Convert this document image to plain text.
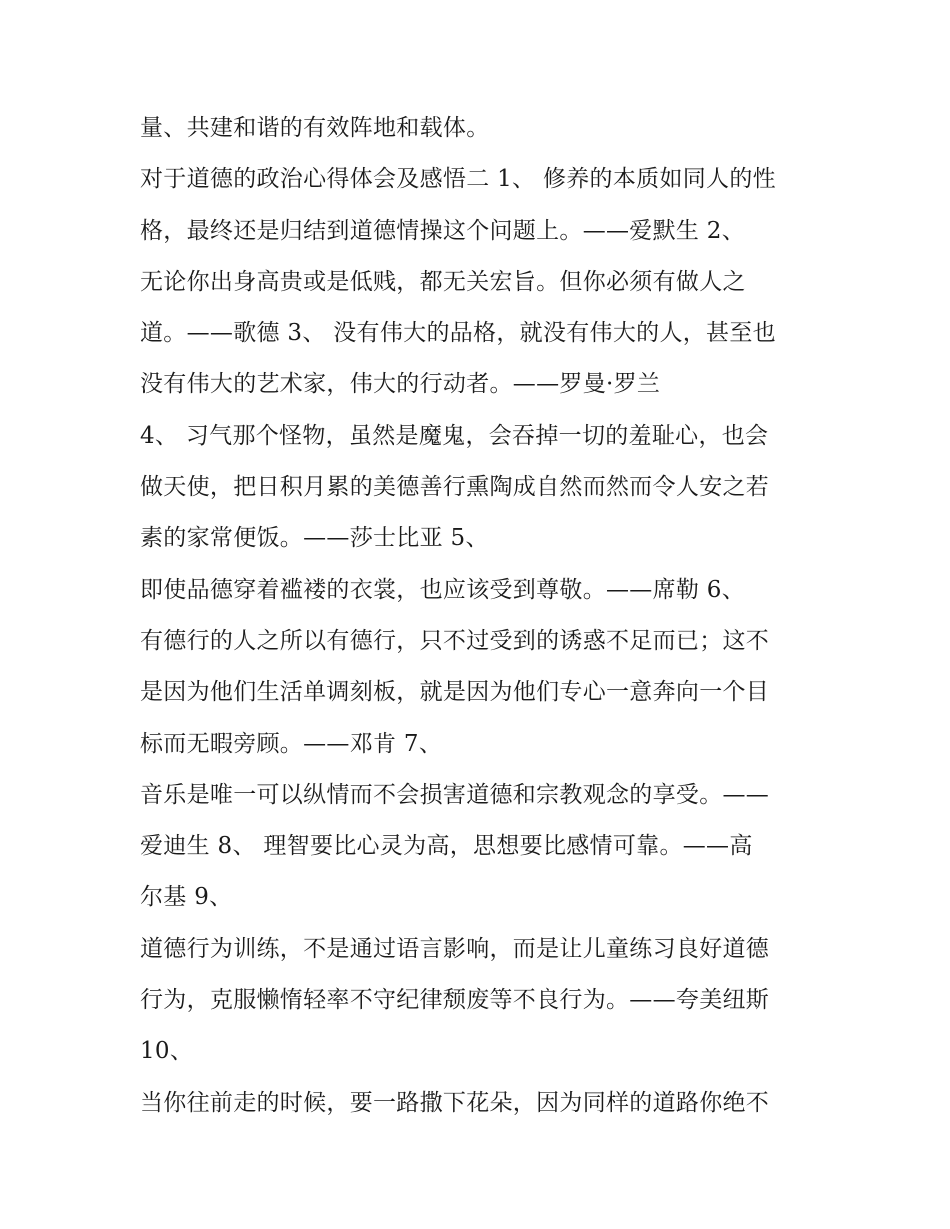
量、共建和谐的有效阵地和载体。
对于道德的政治心得体会及感悟二 1、 修养的本质如同人的性
格，最终还是归结到道德情操这个问题上。——爱默生 2、
无论你出身高贵或是低贱，都无关宏旨。但你必须有做人之
道。——歌德 3、 没有伟大的品格，就没有伟大的人，甚至也
没有伟大的艺术家，伟大的行动者。——罗曼·罗兰
4、 习气那个怪物，虽然是魔鬼，会吞掉一切的羞耻心，也会
做天使，把日积月累的美德善行熏陶成自然而然而令人安之若
素的家常便饭。——莎士比亚 5、
即使品德穿着褴褛的衣裳，也应该受到尊敬。——席勒 6、
有德行的人之所以有德行，只不过受到的诱惑不足而已；这不
是因为他们生活单调刻板，就是因为他们专心一意奔向一个目
标而无暇旁顾。——邓肯 7、
音乐是唯一可以纵情而不会损害道德和宗教观念的享受。——
爱迪生 8、 理智要比心灵为高，思想要比感情可靠。——高
尔基 9、
道德行为训练，不是通过语言影响，而是让儿童练习良好道德
行为，克服懒惰轻率不守纪律颓废等不良行为。——夸美纽斯
10、
当你往前走的时候，要一路撒下花朵，因为同样的道路你绝不
